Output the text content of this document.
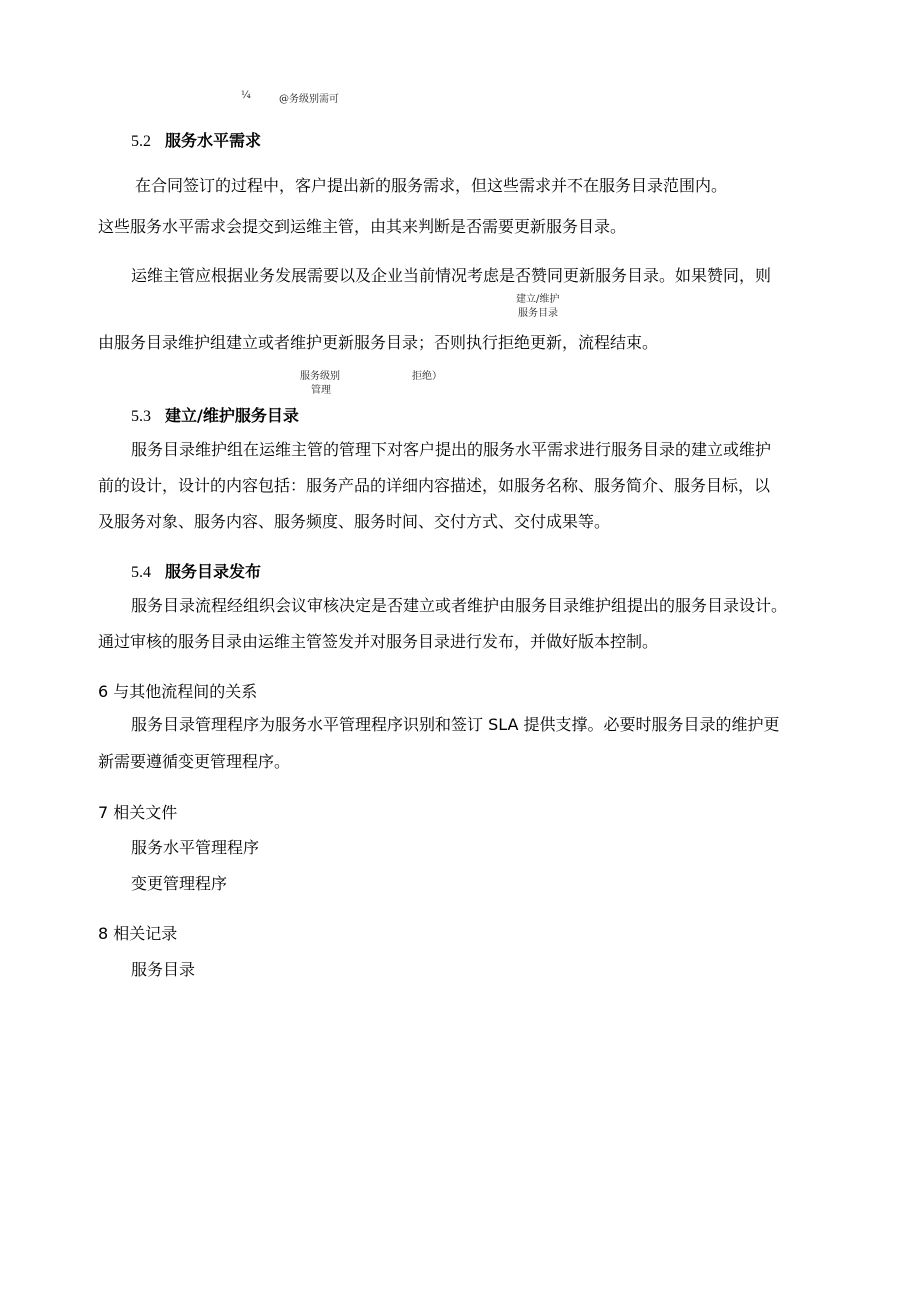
¼	@务级别需可
5.2 服务水平需求
在合同签订的过程中，客户提出新的服务需求，但这些需求并不在服务目录范围内。
这些服务水平需求会提交到运维主管，由其来判断是否需要更新服务目录。
运维主管应根据业务发展需要以及企业当前情况考虑是否赞同更新服务目录。如果赞同，则
建立/维护
服务目录
由服务目录维护组建立或者维护更新服务目录；否则执行拒绝更新，流程结束。
服务级别
管理
拒绝）
5.3 建立/维护服务目录
服务目录维护组在运维主管的管理下对客户提出的服务水平需求进行服务目录的建立或维护
前的设计，设计的内容包括：服务产品的详细内容描述，如服务名称、服务简介、服务目标，以
及服务对象、服务内容、服务频度、服务时间、交付方式、交付成果等。
5.4 服务目录发布
服务目录流程经组织会议审核决定是否建立或者维护由服务目录维护组提出的服务目录设计。
通过审核的服务目录由运维主管签发并对服务目录进行发布，并做好版本控制。
6 与其他流程间的关系
服务目录管理程序为服务水平管理程序识别和签订 SLA 提供支撑。必要时服务目录的维护更
新需要遵循变更管理程序。
7 相关文件
服务水平管理程序
变更管理程序
8 相关记录
服务目录
